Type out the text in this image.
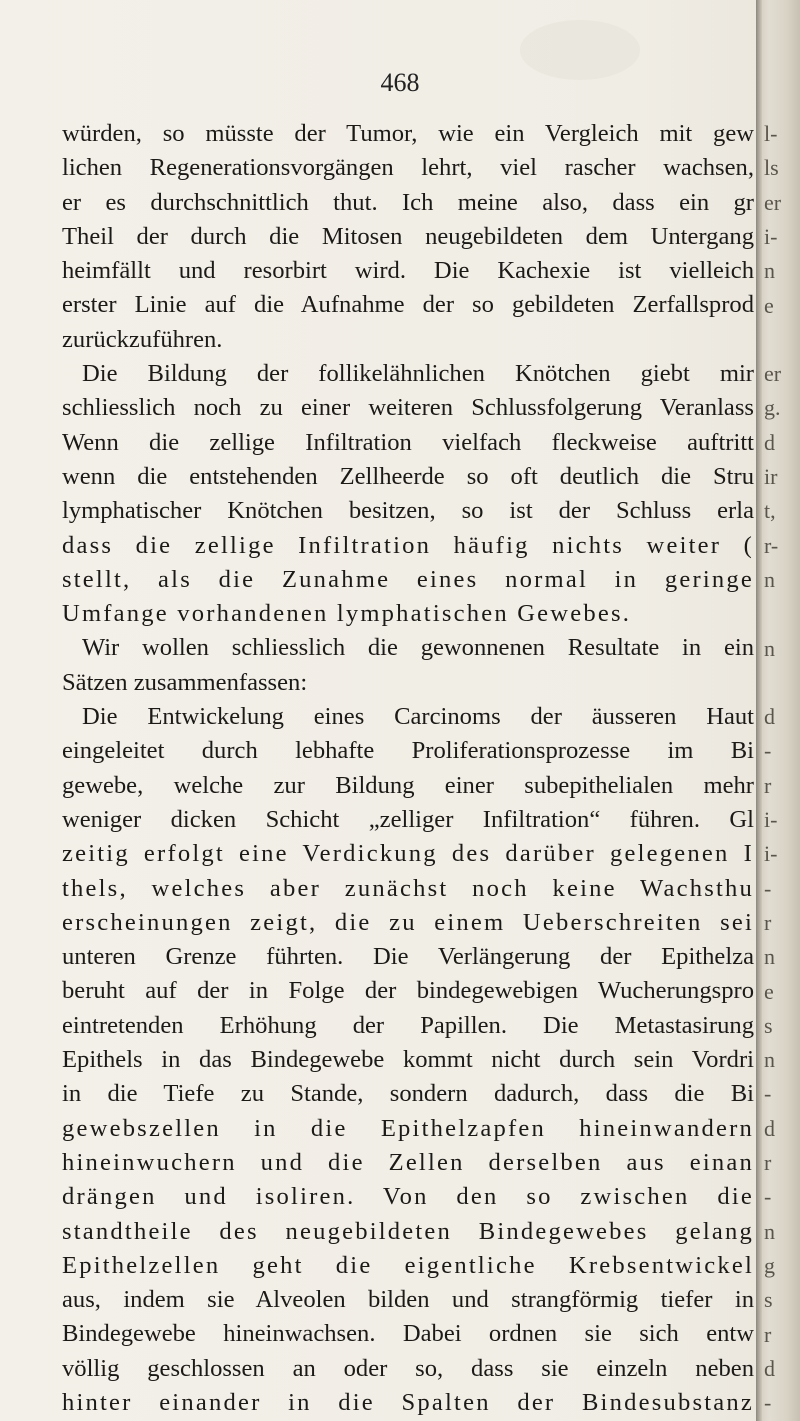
468
würden, so müsste der Tumor, wie ein Vergleich mit gew
lichen Regenerationsvorgängen lehrt, viel rascher wachsen,
er es durchschnittlich thut. Ich meine also, dass ein gr
Theil der durch die Mitosen neugebildeten dem Untergang
heimfällt und resorbirt wird. Die Kachexie ist vielleich
erster Linie auf die Aufnahme der so gebildeten Zerfallsprod
zurückzuführen.
Die Bildung der follikelähnlichen Knötchen giebt mir
schliesslich noch zu einer weiteren Schlussfolgerung Veranlass
Wenn die zellige Infiltration vielfach fleckweise auftritt
wenn die entstehenden Zellheerde so oft deutlich die Stru
lymphatischer Knötchen besitzen, so ist der Schluss erla
dass die zellige Infiltration häufig nichts weiter (
stellt, als die Zunahme eines normal in geringe
Umfange vorhandenen lymphatischen Gewebes.
Wir wollen schliesslich die gewonnenen Resultate in ein
Sätzen zusammenfassen:
Die Entwickelung eines Carcinoms der äusseren Haut
eingeleitet durch lebhafte Proliferationsprozesse im Bi
gewebe, welche zur Bildung einer subepithelialen mehr
weniger dicken Schicht „zelliger Infiltration“ führen. Gl
zeitig erfolgt eine Verdickung des darüber gelegenen I
thels, welches aber zunächst noch keine Wachsthu
erscheinungen zeigt, die zu einem Ueberschreiten sei
unteren Grenze führten. Die Verlängerung der Epithelza
beruht auf der in Folge der bindegewebigen Wucherungspro
eintretenden Erhöhung der Papillen. Die Metastasirung
Epithels in das Bindegewebe kommt nicht durch sein Vordri
in die Tiefe zu Stande, sondern dadurch, dass die Bi
gewebszellen in die Epithelzapfen hineinwandern
hineinwuchern und die Zellen derselben aus einan
drängen und isoliren. Von den so zwischen die
standtheile des neugebildeten Bindegewebes gelang
Epithelzellen geht die eigentliche Krebsentwickel
aus, indem sie Alveolen bilden und strangförmig tiefer in
Bindegewebe hineinwachsen. Dabei ordnen sie sich entw
völlig geschlossen an oder so, dass sie einzeln neben
hinter einander in die Spalten der Bindesubstanz
l-
ls
er
i-
n
e
er
g.
d
ir
t,
r-
n
n
d
-
r
i-
i-
-
r
n
e
s
n
-
d
r
-
n
g
s
r
d
-
